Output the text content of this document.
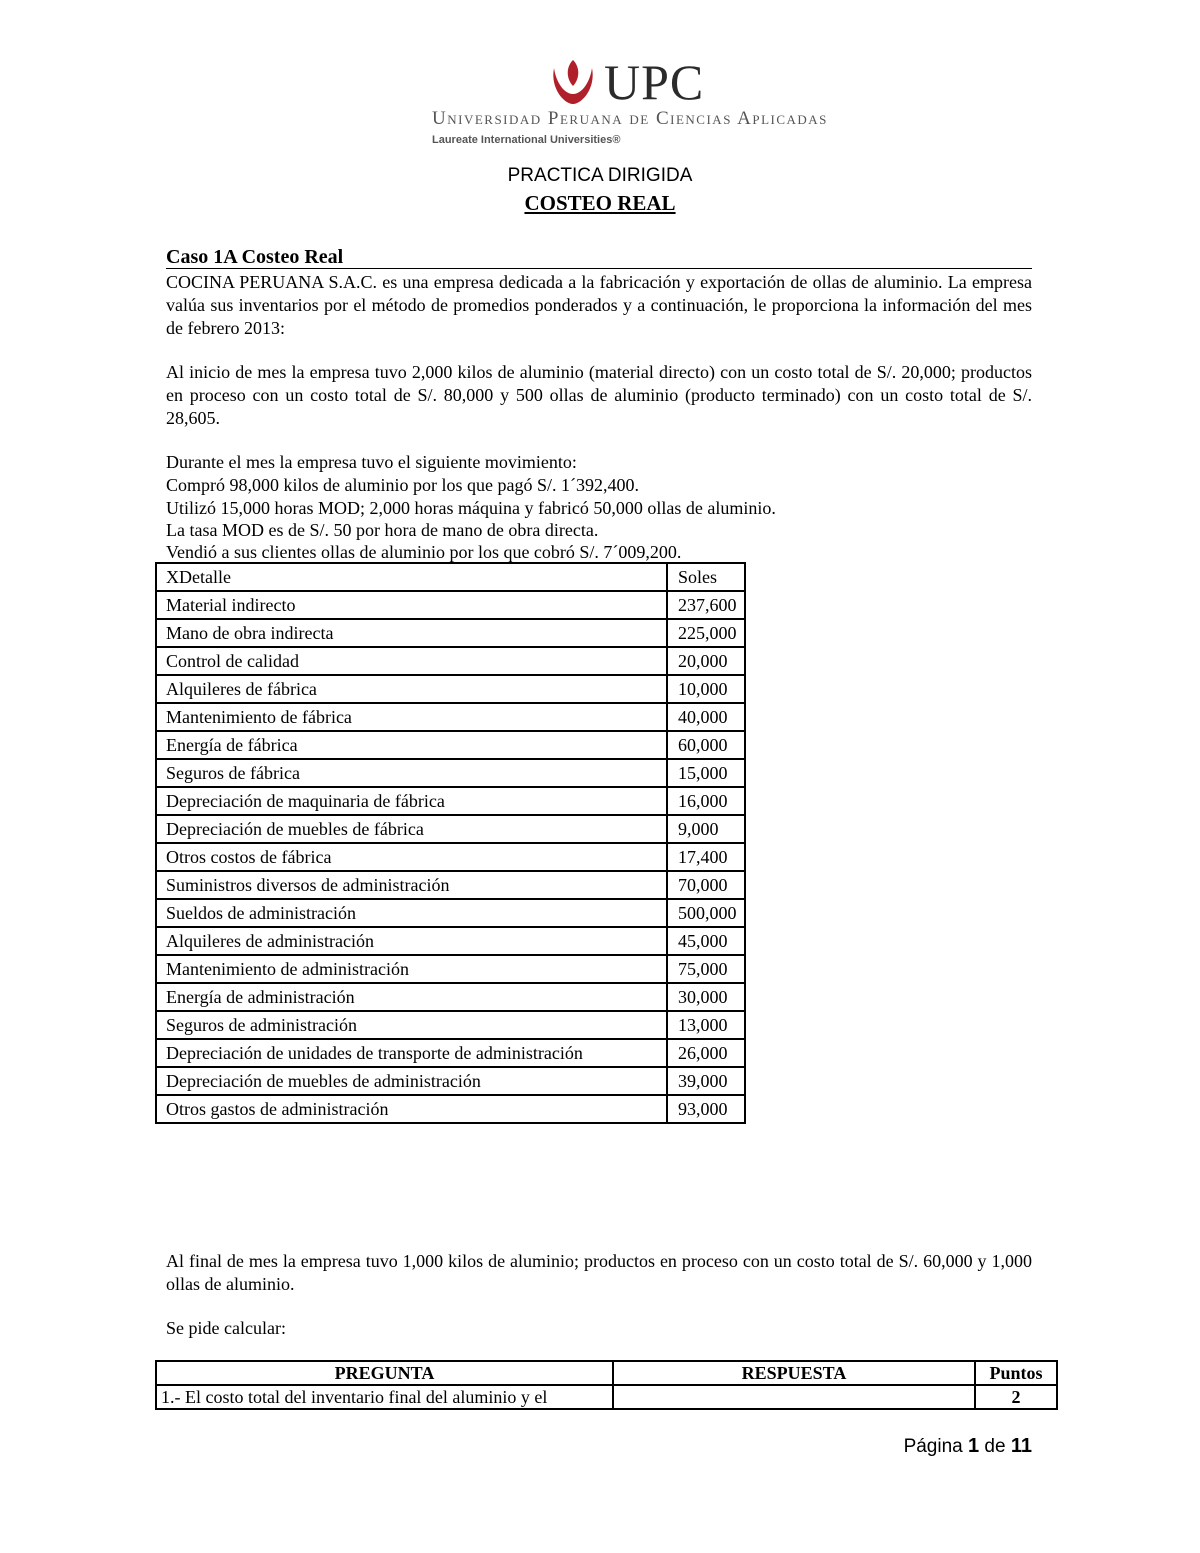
UPC
Universidad Peruana de Ciencias Aplicadas
Laureate International Universities®
PRACTICA DIRIGIDA
COSTEO REAL
Caso 1A Costeo Real
COCINA PERUANA S.A.C. es una empresa dedicada a la fabricación y exportación de ollas de aluminio. La empresa valúa sus inventarios por el método de promedios ponderados y a continuación, le proporciona la información del mes de febrero 2013:
Al inicio de mes la empresa tuvo 2,000 kilos de aluminio (material directo) con un costo total de S/. 20,000; productos en proceso con un costo total de S/. 80,000 y 500 ollas de aluminio (producto terminado) con un costo total de S/. 28,605.
Durante el mes la empresa tuvo el siguiente movimiento:
Compró 98,000 kilos de aluminio por los que pagó S/. 1´392,400.
Utilizó 15,000 horas MOD; 2,000 horas máquina y fabricó 50,000 ollas de aluminio.
La tasa MOD es de S/. 50 por hora de mano de obra directa.
Vendió a sus clientes ollas de aluminio por los que cobró S/. 7´009,200.
XDetalle	Soles
Material indirecto	237,600
Mano de obra indirecta	225,000
Control de calidad	20,000
Alquileres de fábrica	10,000
Mantenimiento de fábrica	40,000
Energía de fábrica	60,000
Seguros de fábrica	15,000
Depreciación de maquinaria de fábrica	16,000
Depreciación de muebles de fábrica	9,000
Otros costos de fábrica	17,400
Suministros diversos de administración	70,000
Sueldos de administración	500,000
Alquileres de administración	45,000
Mantenimiento de administración	75,000
Energía de administración	30,000
Seguros de administración	13,000
Depreciación de unidades de transporte de administración	26,000
Depreciación de muebles de administración	39,000
Otros gastos de administración	93,000
Al final de mes la empresa tuvo 1,000 kilos de aluminio; productos en proceso con un costo total de S/. 60,000 y 1,000 ollas de aluminio.
Se pide calcular:
PREGUNTA	RESPUESTA	Puntos
1.- El costo total del inventario final del aluminio y el		2
Página 1 de 11
